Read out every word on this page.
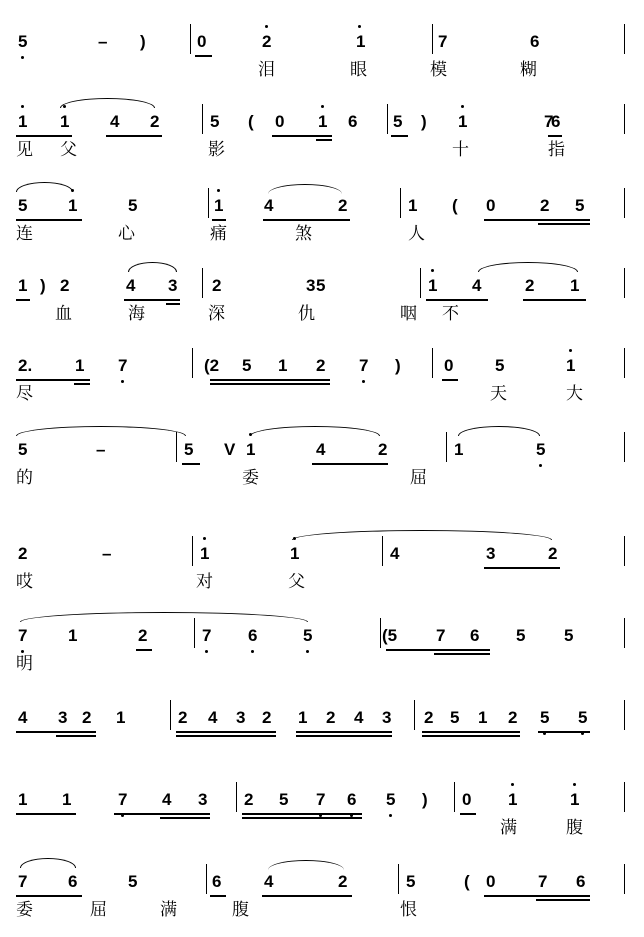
5	– )	0	2	1	7	6
泪	眼	模	糊
1 1 4 2	5 ( 0 1 6 5 ) 1	7
6
见 父	影	十	指
5 1	5	1 4	2	1 ( 0	2 5
连	心	痛	煞	人
1 ) 2	4 3 2	3 5	1 4	2 1
血	海	深	仇	咽 不
2.	1 7	(2 5 1 2 7 )	0 5	1
尽	天	大
5	–	5 V 1	4	2	1	5
的	委	屈
2	–	1	1	4	3	2
哎	对	父
7 1	2	7 6	5	(5 7 6 5 5
明
4 3 2 1	2 4 3 2 1 2 4 3 2 5 1 2 5 5
1 1	7 4 3 2 5 7 6 5 ) 0 1	1
满	腹
7 6	5	6	4	2	5	( 0	7 6
委	屈	满	腹	恨
